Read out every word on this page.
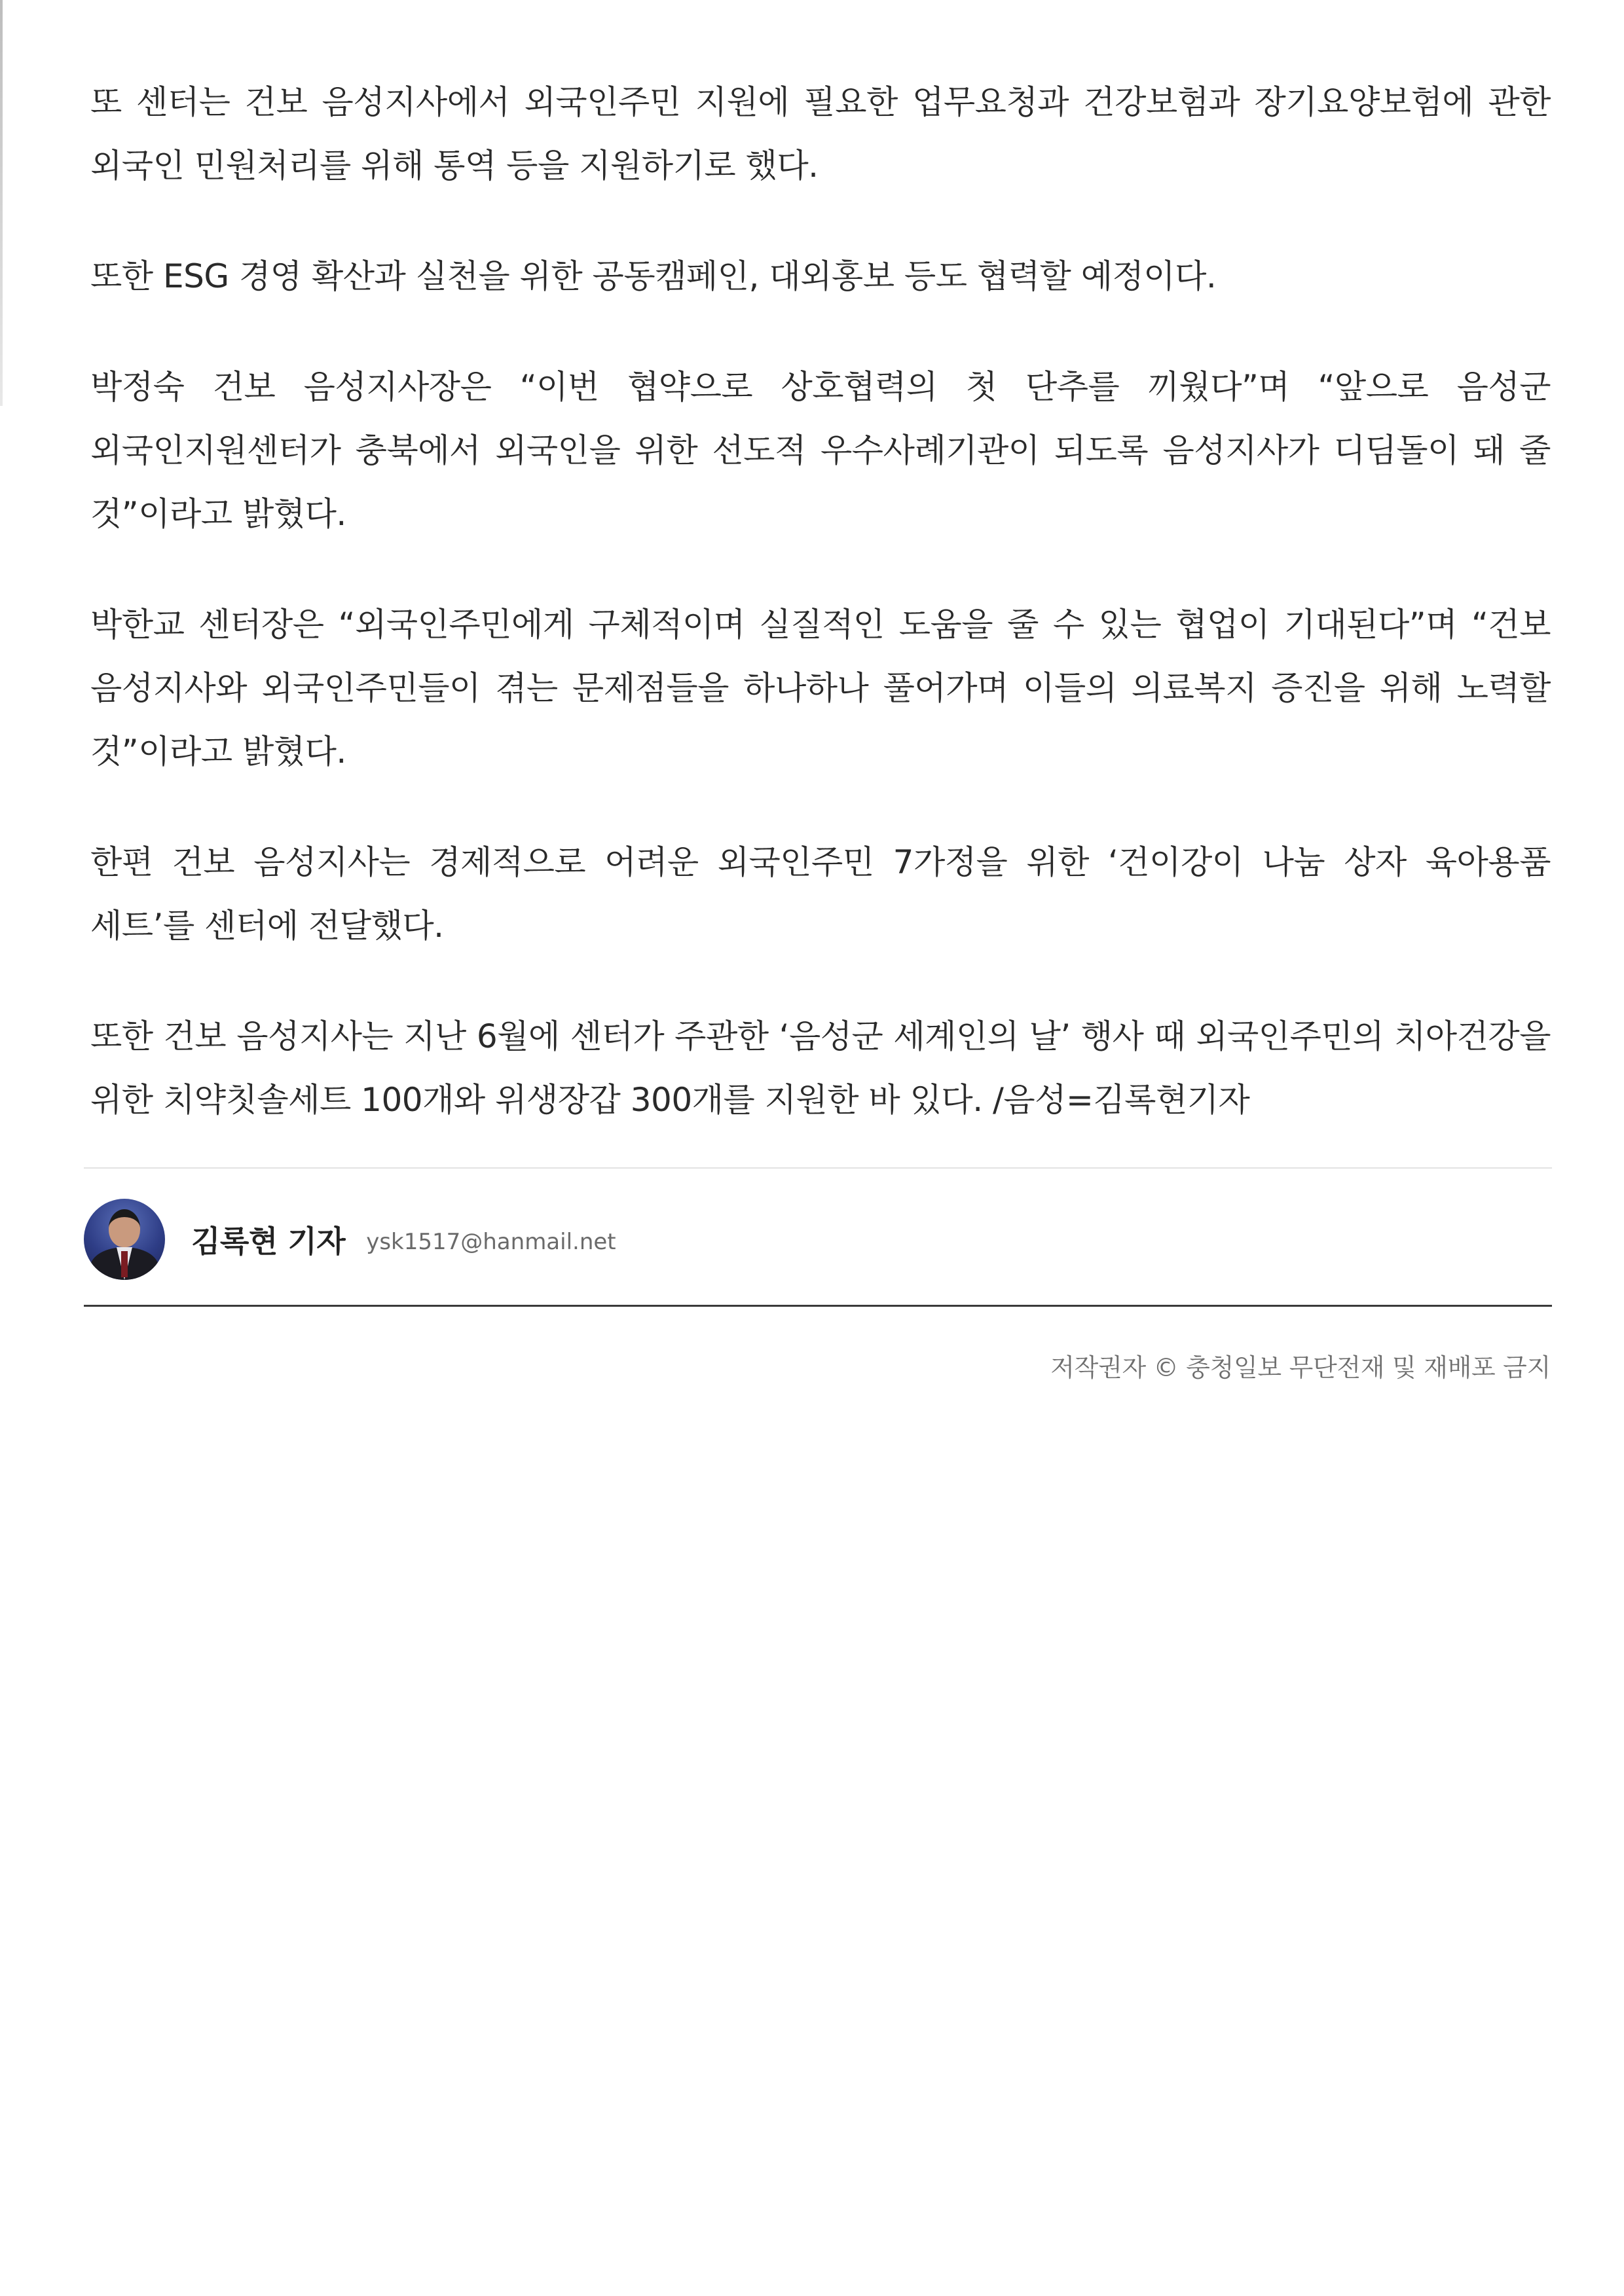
또 센터는 건보 음성지사에서 외국인주민 지원에 필요한 업무요청과 건강보험과 장기요양보험에 관한 외국인 민원처리를 위해 통역 등을 지원하기로 했다.

또한 ESG 경영 확산과 실천을 위한 공동캠페인, 대외홍보 등도 협력할 예정이다.

박정숙 건보 음성지사장은 “이번 협약으로 상호협력의 첫 단추를 끼웠다”며 “앞으로 음성군 외국인지원센터가 충북에서 외국인을 위한 선도적 우수사례기관이 되도록 음성지사가 디딤돌이 돼 줄 것”이라고 밝혔다.

박한교 센터장은 “외국인주민에게 구체적이며 실질적인 도움을 줄 수 있는 협업이 기대된다”며 “건보 음성지사와 외국인주민들이 겪는 문제점들을 하나하나 풀어가며 이들의 의료복지 증진을 위해 노력할 것”이라고 밝혔다.

한편 건보 음성지사는 경제적으로 어려운 외국인주민 7가정을 위한 ‘건이강이 나눔 상자 육아용품 세트’를 센터에 전달했다.

또한 건보 음성지사는 지난 6월에 센터가 주관한 ‘음성군 세계인의 날’ 행사 때 외국인주민의 치아건강을 위한 치약칫솔세트 100개와 위생장갑 300개를 지원한 바 있다. /음성=김록현기자

김록현 기자 ysk1517@hanmail.net
저작권자 © 충청일보 무단전재 및 재배포 금지
